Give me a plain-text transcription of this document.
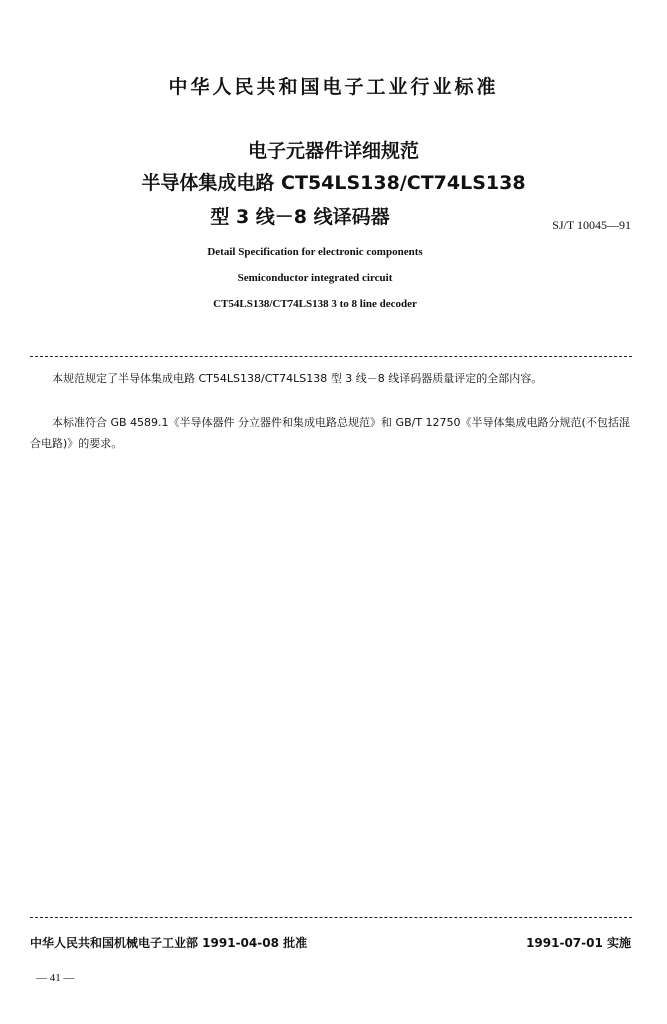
中华人民共和国电子工业行业标准
电子元器件详细规范
半导体集成电路 CT54LS138/CT74LS138
型 3 线－8 线译码器	SJ/T 10045—91
Detail Specification for electronic components
Semiconductor integrated circuit
CT54LS138/CT74LS138 3 to 8 line decoder

本规范规定了半导体集成电路 CT54LS138/CT74LS138 型 3 线－8 线译码器质量评定的全部内容。

本标准符合 GB 4589.1《半导体器件 分立器件和集成电路总规范》和 GB/T 12750《半导体集成电路分规范(不包括混合电路)》的要求。

中华人民共和国机械电子工业部 1991-04-08 批准	1991-07-01 实施
— 41 —
